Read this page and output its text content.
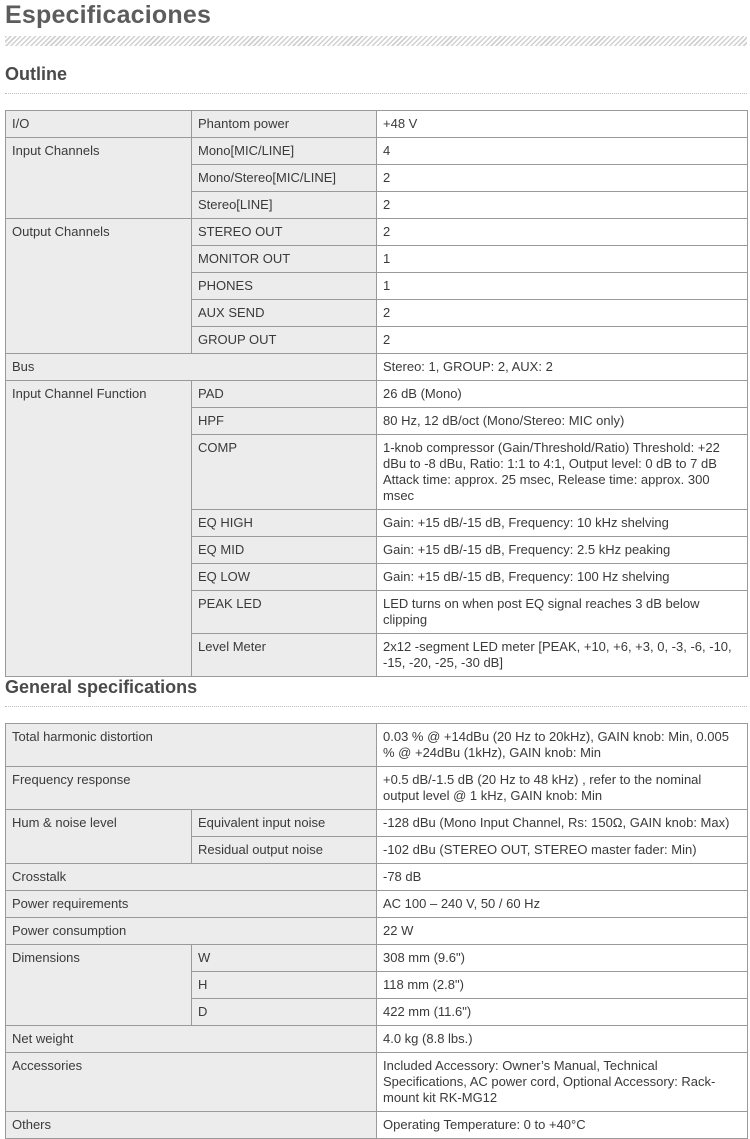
Especificaciones
Outline
I/O	Phantom power	+48 V
Input Channels	Mono[MIC/LINE]	4
	Mono/Stereo[MIC/LINE]	2
	Stereo[LINE]	2
Output Channels	STEREO OUT	2
	MONITOR OUT	1
	PHONES	1
	AUX SEND	2
	GROUP OUT	2
Bus		Stereo: 1, GROUP: 2, AUX: 2
Input Channel Function	PAD	26 dB (Mono)
	HPF	80 Hz, 12 dB/oct (Mono/Stereo: MIC only)
	COMP	1-knob compressor (Gain/Threshold/Ratio) Threshold: +22 dBu to -8 dBu, Ratio: 1:1 to 4:1, Output level: 0 dB to 7 dB Attack time: approx. 25 msec, Release time: approx. 300 msec
	EQ HIGH	Gain: +15 dB/-15 dB, Frequency: 10 kHz shelving
	EQ MID	Gain: +15 dB/-15 dB, Frequency: 2.5 kHz peaking
	EQ LOW	Gain: +15 dB/-15 dB, Frequency: 100 Hz shelving
	PEAK LED	LED turns on when post EQ signal reaches 3 dB below clipping
	Level Meter	2x12 -segment LED meter [PEAK, +10, +6, +3, 0, -3, -6, -10, -15, -20, -25, -30 dB]
General specifications
Total harmonic distortion		0.03 % @ +14dBu (20 Hz to 20kHz), GAIN knob: Min, 0.005 % @ +24dBu (1kHz), GAIN knob: Min
Frequency response		+0.5 dB/-1.5 dB (20 Hz to 48 kHz) , refer to the nominal output level @ 1 kHz, GAIN knob: Min
Hum & noise level	Equivalent input noise	-128 dBu (Mono Input Channel, Rs: 150Ω, GAIN knob: Max)
	Residual output noise	-102 dBu (STEREO OUT, STEREO master fader: Min)
Crosstalk		-78 dB
Power requirements		AC 100 – 240 V, 50 / 60 Hz
Power consumption		22 W
Dimensions	W	308 mm (9.6")
	H	118 mm (2.8")
	D	422 mm (11.6")
Net weight		4.0 kg (8.8 lbs.)
Accessories		Included Accessory: Owner’s Manual, Technical Specifications, AC power cord, Optional Accessory: Rack-mount kit RK-MG12
Others		Operating Temperature: 0 to +40°C
